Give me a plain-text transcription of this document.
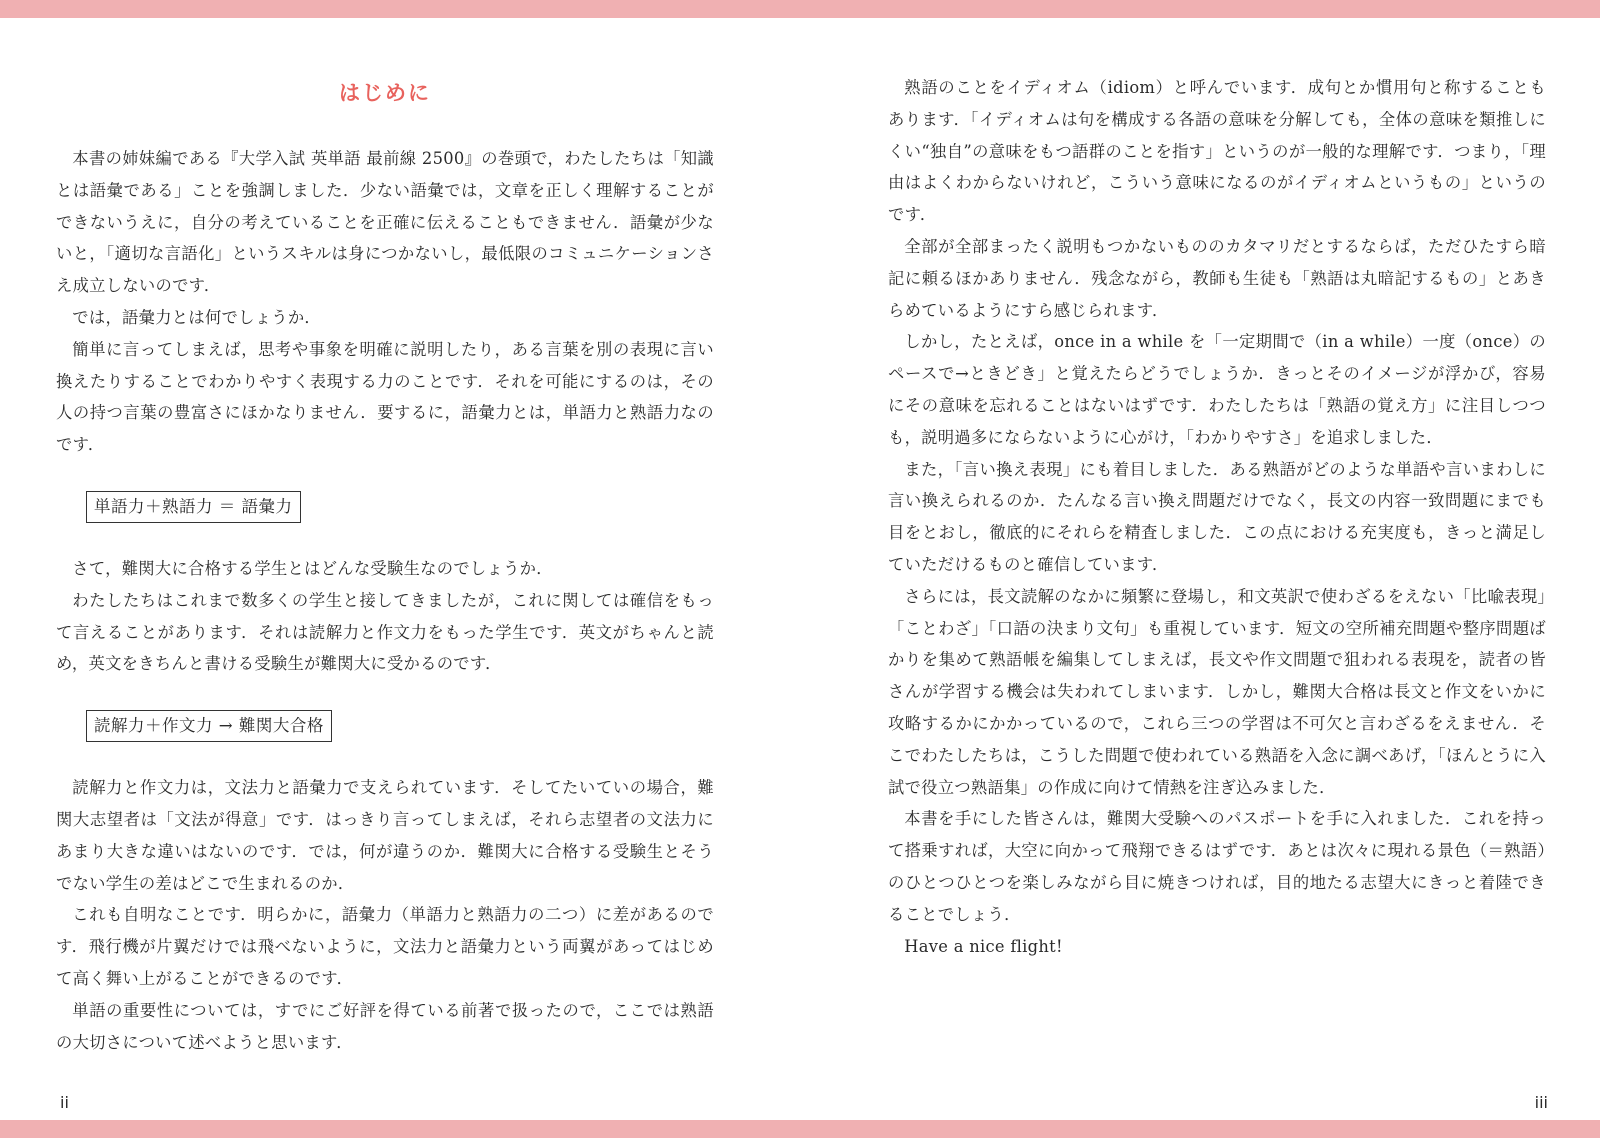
はじめに

本書の姉妹編である『大学入試 英単語 最前線 2500』の巻頭で，わたしたちは「知識とは語彙である」ことを強調しました．少ない語彙では，文章を正しく理解することができないうえに，自分の考えていることを正確に伝えることもできません．語彙が少ないと，「適切な言語化」というスキルは身につかないし，最低限のコミュニケーションさえ成立しないのです．

では，語彙力とは何でしょうか．

簡単に言ってしまえば，思考や事象を明確に説明したり，ある言葉を別の表現に言い換えたりすることでわかりやすく表現する力のことです．それを可能にするのは，その人の持つ言葉の豊富さにほかなりません．要するに，語彙力とは，単語力と熟語力なのです．

単語力＋熟語力 ＝ 語彙力

さて，難関大に合格する学生とはどんな受験生なのでしょうか．

わたしたちはこれまで数多くの学生と接してきましたが，これに関しては確信をもって言えることがあります．それは読解力と作文力をもった学生です．英文がちゃんと読め，英文をきちんと書ける受験生が難関大に受かるのです．

読解力＋作文力 → 難関大合格

読解力と作文力は，文法力と語彙力で支えられています．そしてたいていの場合，難関大志望者は「文法が得意」です．はっきり言ってしまえば，それら志望者の文法力にあまり大きな違いはないのです．では，何が違うのか．難関大に合格する受験生とそうでない学生の差はどこで生まれるのか．

これも自明なことです．明らかに，語彙力（単語力と熟語力の二つ）に差があるのです．飛行機が片翼だけでは飛べないように，文法力と語彙力という両翼があってはじめて高く舞い上がることができるのです．

単語の重要性については，すでにご好評を得ている前著で扱ったので，ここでは熟語の大切さについて述べようと思います．

熟語のことをイディオム（idiom）と呼んでいます．成句とか慣用句と称することもあります．「イディオムは句を構成する各語の意味を分解しても，全体の意味を類推しにくい“独自”の意味をもつ語群のことを指す」というのが一般的な理解です．つまり，「理由はよくわからないけれど，こういう意味になるのがイディオムというもの」というのです．

全部が全部まったく説明もつかないもののカタマリだとするならば，ただひたすら暗記に頼るほかありません．残念ながら，教師も生徒も「熟語は丸暗記するもの」とあきらめているようにすら感じられます．

しかし，たとえば，once in a while を「一定期間で（in a while）一度（once）のペースで→ときどき」と覚えたらどうでしょうか．きっとそのイメージが浮かび，容易にその意味を忘れることはないはずです．わたしたちは「熟語の覚え方」に注目しつつも，説明過多にならないように心がけ，「わかりやすさ」を追求しました．

また，「言い換え表現」にも着目しました．ある熟語がどのような単語や言いまわしに言い換えられるのか．たんなる言い換え問題だけでなく，長文の内容一致問題にまでも目をとおし，徹底的にそれらを精査しました．この点における充実度も，きっと満足していただけるものと確信しています．

さらには，長文読解のなかに頻繁に登場し，和文英訳で使わざるをえない「比喩表現」「ことわざ」「口語の決まり文句」も重視しています．短文の空所補充問題や整序問題ばかりを集めて熟語帳を編集してしまえば，長文や作文問題で狙われる表現を，読者の皆さんが学習する機会は失われてしまいます．しかし，難関大合格は長文と作文をいかに攻略するかにかかっているので，これら三つの学習は不可欠と言わざるをえません．そこでわたしたちは，こうした問題で使われている熟語を入念に調べあげ，「ほんとうに入試で役立つ熟語集」の作成に向けて情熱を注ぎ込みました．

本書を手にした皆さんは，難関大受験へのパスポートを手に入れました．これを持って搭乗すれば，大空に向かって飛翔できるはずです．あとは次々に現れる景色（＝熟語）のひとつひとつを楽しみながら目に焼きつければ，目的地たる志望大にきっと着陸できることでしょう．

Have a nice flight!

ii	iii
